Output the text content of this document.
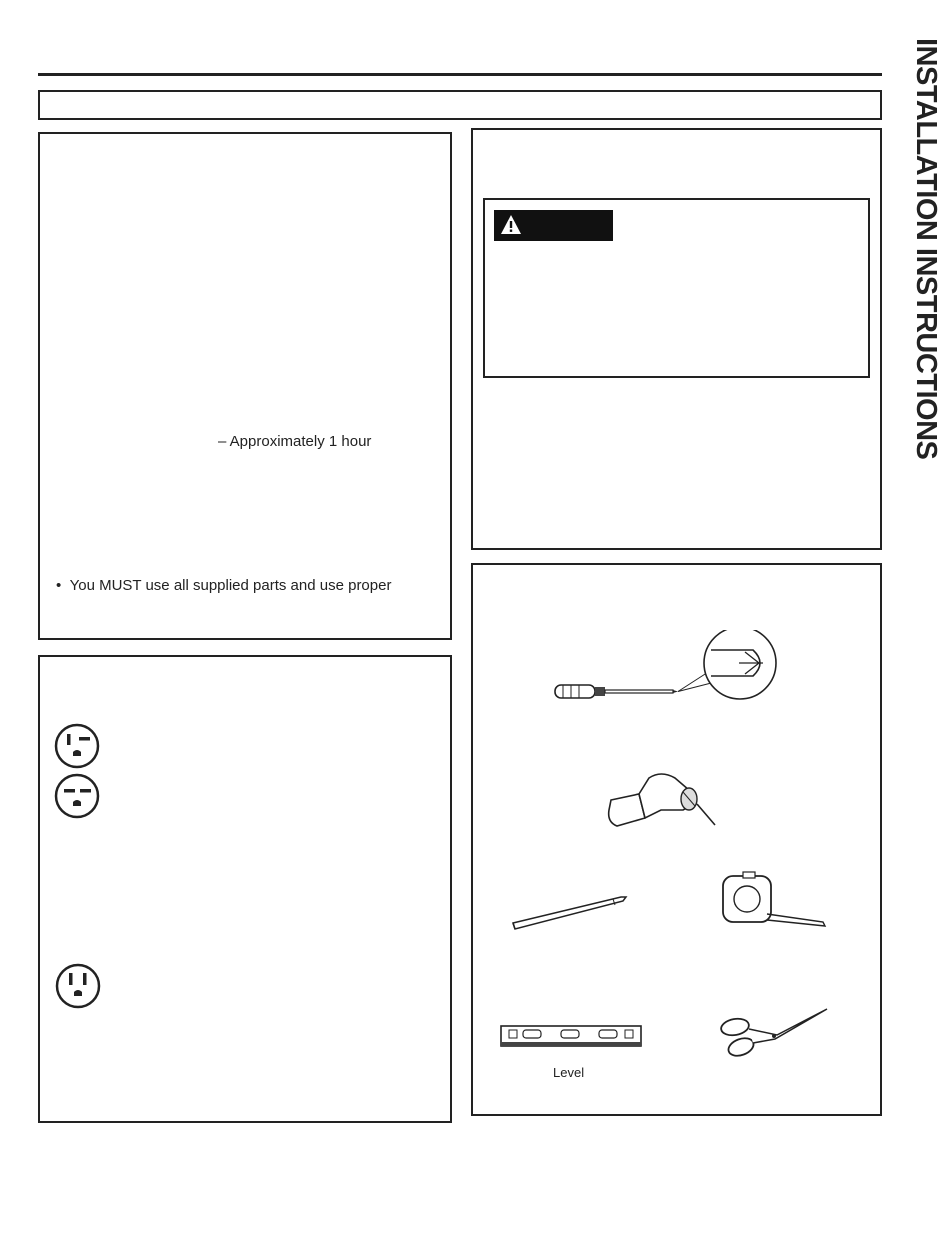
– Approximately 1 hour
•  You MUST use all supplied parts and use proper
Level
INSTALLATION INSTRUCTIONS
